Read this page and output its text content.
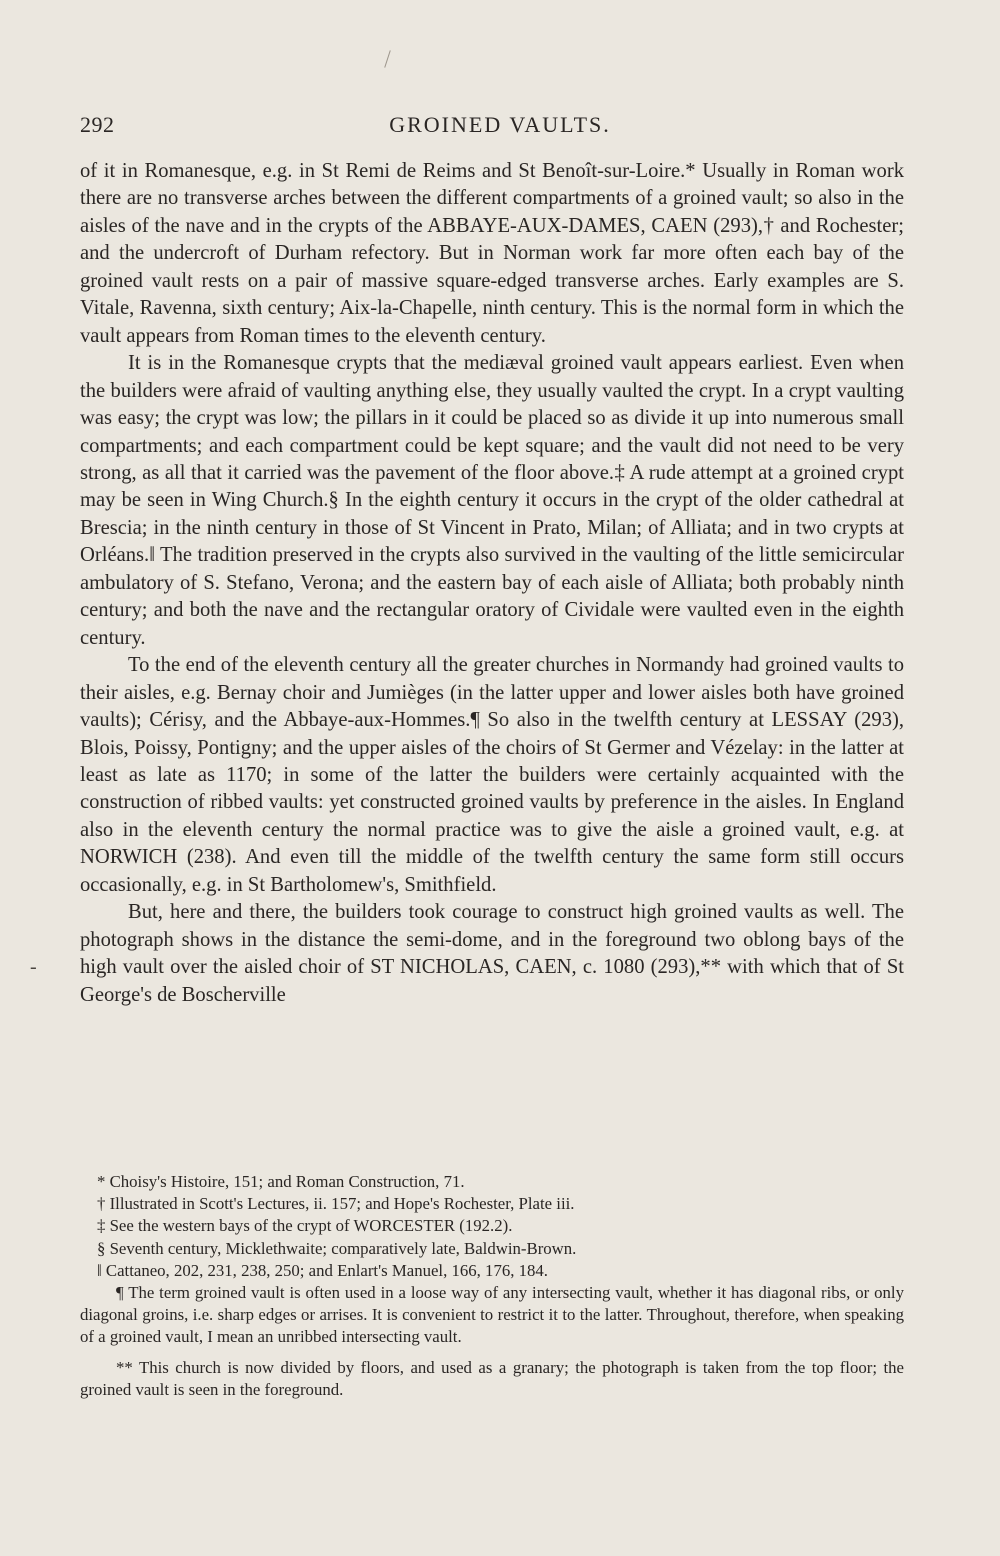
292	GROINED VAULTS.
-

of it in Romanesque, e.g. in St Remi de Reims and St Benoît-sur-Loire.* Usually in Roman work there are no transverse arches between the different compartments of a groined vault; so also in the aisles of the nave and in the crypts of the ABBAYE-AUX-DAMES, CAEN (293),† and Rochester; and the undercroft of Durham refectory. But in Norman work far more often each bay of the groined vault rests on a pair of massive square-edged transverse arches. Early examples are S. Vitale, Ravenna, sixth century; Aix-la-Chapelle, ninth century. This is the normal form in which the vault appears from Roman times to the eleventh century.

It is in the Romanesque crypts that the mediæval groined vault appears earliest. Even when the builders were afraid of vaulting anything else, they usually vaulted the crypt. In a crypt vaulting was easy; the crypt was low; the pillars in it could be placed so as divide it up into numerous small compartments; and each compartment could be kept square; and the vault did not need to be very strong, as all that it carried was the pavement of the floor above.‡ A rude attempt at a groined crypt may be seen in Wing Church.§ In the eighth century it occurs in the crypt of the older cathedral at Brescia; in the ninth century in those of St Vincent in Prato, Milan; of Alliata; and in two crypts at Orléans.‖ The tradition preserved in the crypts also survived in the vaulting of the little semicircular ambulatory of S. Stefano, Verona; and the eastern bay of each aisle of Alliata; both probably ninth century; and both the nave and the rectangular oratory of Cividale were vaulted even in the eighth century.

To the end of the eleventh century all the greater churches in Normandy had groined vaults to their aisles, e.g. Bernay choir and Jumièges (in the latter upper and lower aisles both have groined vaults); Cérisy, and the Abbaye-aux-Hommes.¶ So also in the twelfth century at LESSAY (293), Blois, Poissy, Pontigny; and the upper aisles of the choirs of St Germer and Vézelay: in the latter at least as late as 1170; in some of the latter the builders were certainly acquainted with the construction of ribbed vaults: yet constructed groined vaults by preference in the aisles. In England also in the eleventh century the normal practice was to give the aisle a groined vault, e.g. at NORWICH (238). And even till the middle of the twelfth century the same form still occurs occasionally, e.g. in St Bartholomew's, Smithfield.

But, here and there, the builders took courage to construct high groined vaults as well. The photograph shows in the distance the semi-dome, and in the foreground two oblong bays of the high vault over the aisled choir of ST NICHOLAS, CAEN, c. 1080 (293),** with which that of St George's de Boscherville

* Choisy's Histoire, 151; and Roman Construction, 71.

† Illustrated in Scott's Lectures, ii. 157; and Hope's Rochester, Plate iii.

‡ See the western bays of the crypt of WORCESTER (192.2).

§ Seventh century, Micklethwaite; comparatively late, Baldwin-Brown.

‖ Cattaneo, 202, 231, 238, 250; and Enlart's Manuel, 166, 176, 184.

¶ The term groined vault is often used in a loose way of any intersecting vault, whether it has diagonal ribs, or only diagonal groins, i.e. sharp edges or arrises. It is convenient to restrict it to the latter. Throughout, therefore, when speaking of a groined vault, I mean an unribbed intersecting vault.

** This church is now divided by floors, and used as a granary; the photograph is taken from the top floor; the groined vault is seen in the foreground.
